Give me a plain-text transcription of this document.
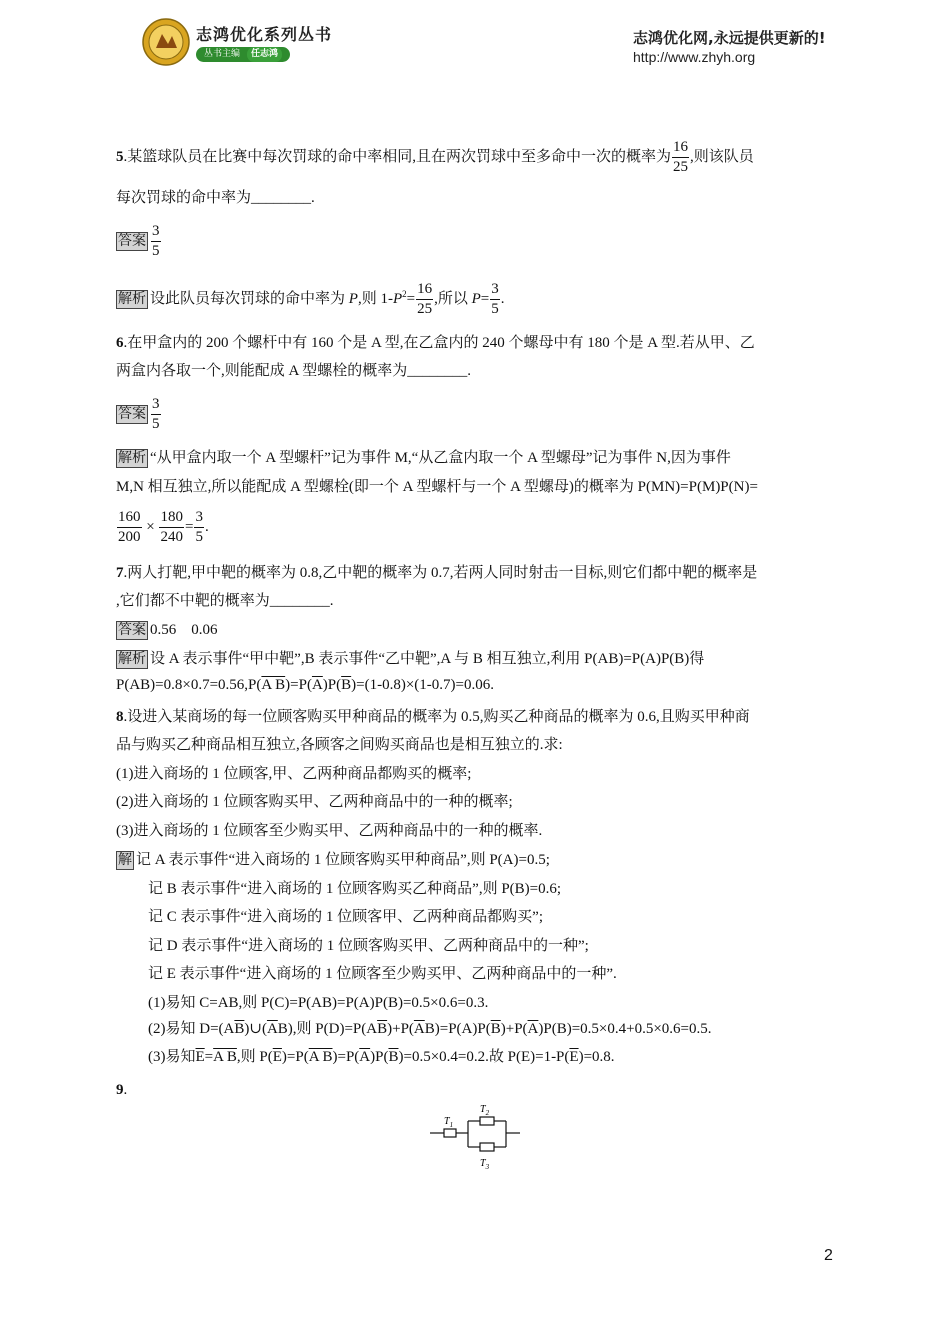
志鸿优化系列丛书
丛书主编	任志鸿
志鸿优化网,永远提供更新的!
http://www.zhyh.org
5.某篮球队员在比赛中每次罚球的命中率相同,且在两次罚球中至多命中一次的概率为 $\frac{16}{25}$ ,则该队员
每次罚球的命中率为________.
答案 $\frac{3}{5}$
解析 设此队员每次罚球的命中率为 P,则 $1-P^2= \frac{16}{25}$ ,所以 $P= \frac{3}{5}$ .
6.在甲盒内的 200 个螺杆中有 160 个是 A 型,在乙盒内的 240 个螺母中有 180 个是 A 型.若从甲、乙
两盒内各取一个,则能配成 A 型螺栓的概率为________.
答案 $\frac{3}{5}$
解析 “从甲盒内取一个 A 型螺杆”记为事件 M,“从乙盒内取一个 A 型螺母”记为事件 N,因为事件
M,N 相互独立,所以能配成 A 型螺栓(即一个 A 型螺杆与一个 A 型螺母)的概率为 P(MN)=P(M)P(N)=
$\frac{160}{200} \times \frac{180}{240} = \frac{3}{5}$ .
7.两人打靶,甲中靶的概率为 0.8,乙中靶的概率为 0.7,若两人同时射击一目标,则它们都中靶的概率是
,它们都不中靶的概率为________.
答案 0.56　0.06
解析 设 A 表示事件“甲中靶”,B 表示事件“乙中靶”,A 与 B 相互独立,利用 P(AB)=P(A)P(B)得
P(AB)=0.8×0.7=0.56,P(A $B)=P(\overline{A})P(\overline{B})=(1-0.8)\times(1-0.7)=0.06$.
8.设进入某商场的每一位顾客购买甲种商品的概率为 0.5,购买乙种商品的概率为 0.6,且购买甲种商
品与购买乙种商品相互独立,各顾客之间购买商品也是相互独立的.求:
(1)进入商场的 1 位顾客,甲、乙两种商品都购买的概率;
(2)进入商场的 1 位顾客购买甲、乙两种商品中的一种的概率;
(3)进入商场的 1 位顾客至少购买甲、乙两种商品中的一种的概率.
解 记 A 表示事件“进入商场的 1 位顾客购买甲种商品”,则 P(A)=0.5;
记 B 表示事件“进入商场的 1 位顾客购买乙种商品”,则 P(B)=0.6;
记 C 表示事件“进入商场的 1 位顾客甲、乙两种商品都购买”;
记 D 表示事件“进入商场的 1 位顾客购买甲、乙两种商品中的一种”;
记 E 表示事件“进入商场的 1 位顾客至少购买甲、乙两种商品中的一种”.
(1)易知 C=AB,则 P(C)=P(AB)=P(A)P(B)=0.5×0.6=0.3.
(2)易知 $D=(A\overline{B})\cup(\overline{A}B)$,则 $P(D)=P(A\overline{B})+P(\overline{A}B)=P(A)P(\overline{B})+P(\overline{A})P(B)=0.5\times 0.4+0.5\times 0.6=0.5$.
(3)易知$\overline{E}=A$ B,则 $P(\overline{E})=P(A$ $B)=P(\overline{A})P(\overline{B})=0.5\times 0.4=0.2$.故 $P(E)=1-P(\overline{E})=0.8$.
9.
$T_1$
$T_2$
$T_3$
2
